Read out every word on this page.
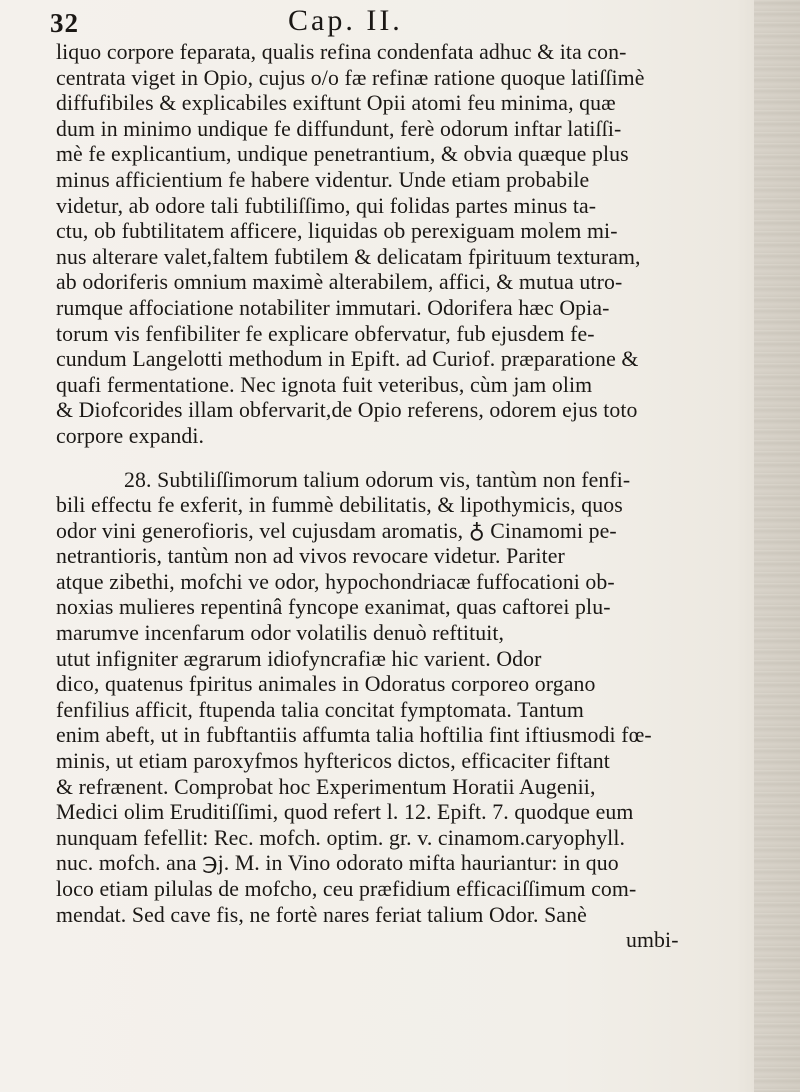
32	Cap. II.
liquo corpore feparata, qualis refina condenfata adhuc & ita con-
centrata viget in Opio, cujus o/o fæ refinæ ratione quoque latiſſimè
diffufibiles & explicabiles exiftunt Opii atomi feu minima, quæ
dum in minimo undique fe diffundunt, ferè odorum inftar latiſſi-
mè fe explicantium, undique penetrantium, & obvia quæque plus
minus afficientium fe habere videntur. Unde etiam probabile
videtur, ab odore tali fubtiliſſimo, qui folidas partes minus ta-
ctu, ob fubtilitatem afficere, liquidas ob perexiguam molem mi-
nus alterare valet,faltem fubtilem & delicatam fpirituum texturam,
ab odoriferis omnium maximè alterabilem, affici, & mutua utro-
rumque affociatione notabiliter immutari. Odorifera hæc Opia-
torum vis fenfibiliter fe explicare obfervatur, fub ejusdem fe-
cundum Langelotti methodum in Epift. ad Curiof. præparatione &
quafi fermentatione. Nec ignota fuit veteribus, cùm jam olim
& Diofcorides illam obfervarit,de Opio referens, odorem ejus toto
corpore expandi.
28. Subtiliſſimorum talium odorum vis, tantùm non fenfi-
bili effectu fe exferit, in fummè debilitatis, & lipothymicis, quos
odor vini generofioris, vel cujusdam aromatis, ♁ Cinamomi pe-
netrantioris, tantùm non ad vivos revocare videtur. Pariter
atque zibethi, mofchi ve odor, hypochondriacæ fuffocationi ob-
noxias mulieres repentinâ fyncope exanimat, quas caftorei plu-
marumve incenfarum odor volatilis denuò reftituit,
utut infigniter ægrarum idiofyncrafiæ hic varient. Odor
dico, quatenus fpiritus animales in Odoratus corporeo organo
fenfilius afficit, ftupenda talia concitat fymptomata. Tantum
enim abeft, ut in fubftantiis affumta talia hoftilia fint iftiusmodi fœ-
minis, ut etiam paroxyfmos hyftericos dictos, efficaciter fiftant
& refrænent. Comprobat hoc Experimentum Horatii Augenii,
Medici olim Eruditiſſimi, quod refert l. 12. Epift. 7. quodque eum
nunquam fefellit: Rec. mofch. optim. gr. v. cinamom.caryophyll.
nuc. mofch. ana ℈j. M. in Vino odorato mifta hauriantur: in quo
loco etiam pilulas de mofcho, ceu præfidium efficaciſſimum com-
mendat. Sed cave fis, ne fortè nares feriat talium Odor. Sanè
umbi-
